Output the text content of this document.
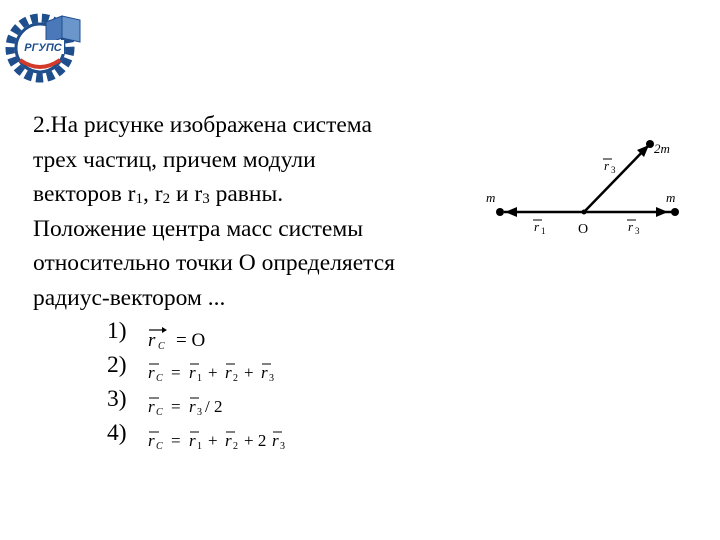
РГУПС
2.На рисунке изображена система
трех частиц, причем модули
векторов $r_1$, $r_2$ и $r_3$ равны.
Положение центра масс системы
относительно точки О определяется
радиус-вектором ...
m	m
2m
r 1 O	r 3
r 3
1) r C = O
2) r C = r 1 + r 2 + r 3
3) r C = r 3 / 2
4) r C = r 1 + r 2 + 2 r 3
